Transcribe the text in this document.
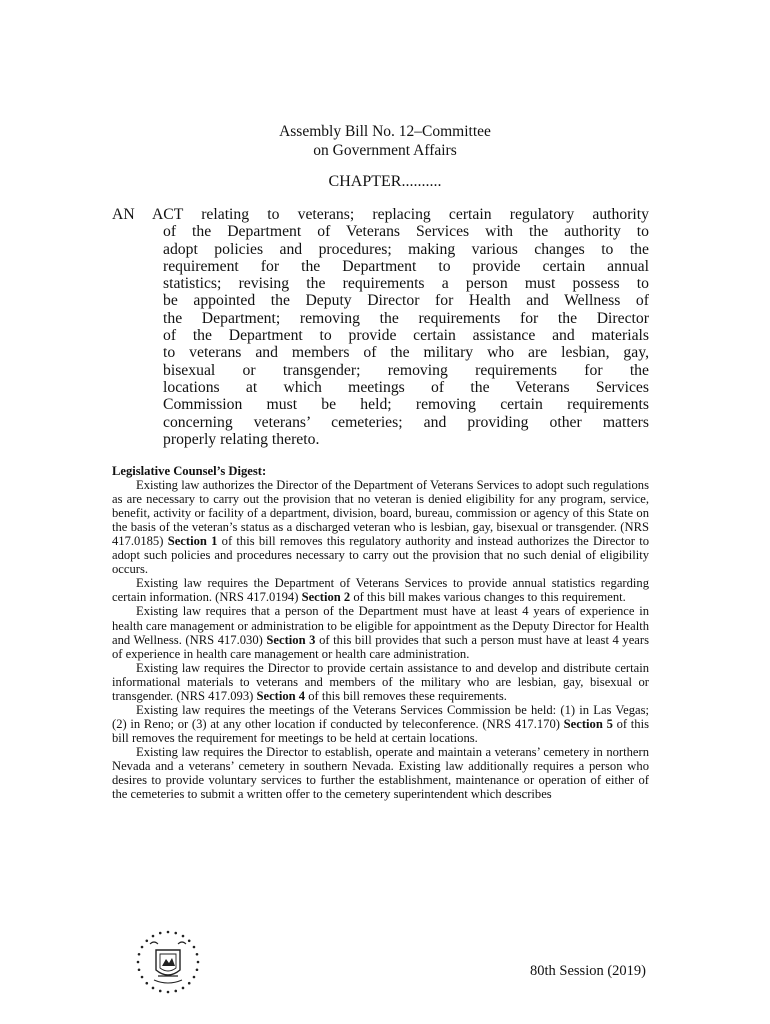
Assembly Bill No. 12–Committee
on Government Affairs
CHAPTER..........
AN ACT relating to veterans; replacing certain regulatory authority
of the Department of Veterans Services with the authority to
adopt policies and procedures; making various changes to the
requirement for the Department to provide certain annual
statistics; revising the requirements a person must possess to
be appointed the Deputy Director for Health and Wellness of
the Department; removing the requirements for the Director
of the Department to provide certain assistance and materials
to veterans and members of the military who are lesbian, gay,
bisexual or transgender; removing requirements for the
locations at which meetings of the Veterans Services
Commission must be held; removing certain requirements
concerning veterans’ cemeteries; and providing other matters
properly relating thereto.
Legislative Counsel’s Digest:

Existing law authorizes the Director of the Department of Veterans Services to adopt such regulations as are necessary to carry out the provision that no veteran is denied eligibility for any program, service, benefit, activity or facility of a department, division, board, bureau, commission or agency of this State on the basis of the veteran’s status as a discharged veteran who is lesbian, gay, bisexual or transgender. (NRS 417.0185) Section 1 of this bill removes this regulatory authority and instead authorizes the Director to adopt such policies and procedures necessary to carry out the provision that no such denial of eligibility occurs.

Existing law requires the Department of Veterans Services to provide annual statistics regarding certain information. (NRS 417.0194) Section 2 of this bill makes various changes to this requirement.

Existing law requires that a person of the Department must have at least 4 years of experience in health care management or administration to be eligible for appointment as the Deputy Director for Health and Wellness. (NRS 417.030) Section 3 of this bill provides that such a person must have at least 4 years of experience in health care management or health care administration.

Existing law requires the Director to provide certain assistance to and develop and distribute certain informational materials to veterans and members of the military who are lesbian, gay, bisexual or transgender. (NRS 417.093) Section 4 of this bill removes these requirements.

Existing law requires the meetings of the Veterans Services Commission be held: (1) in Las Vegas; (2) in Reno; or (3) at any other location if conducted by teleconference. (NRS 417.170) Section 5 of this bill removes the requirement for meetings to be held at certain locations.

Existing law requires the Director to establish, operate and maintain a veterans’ cemetery in northern Nevada and a veterans’ cemetery in southern Nevada. Existing law additionally requires a person who desires to provide voluntary services to further the establishment, maintenance or operation of either of the cemeteries to submit a written offer to the cemetery superintendent which describes

80th Session (2019)
